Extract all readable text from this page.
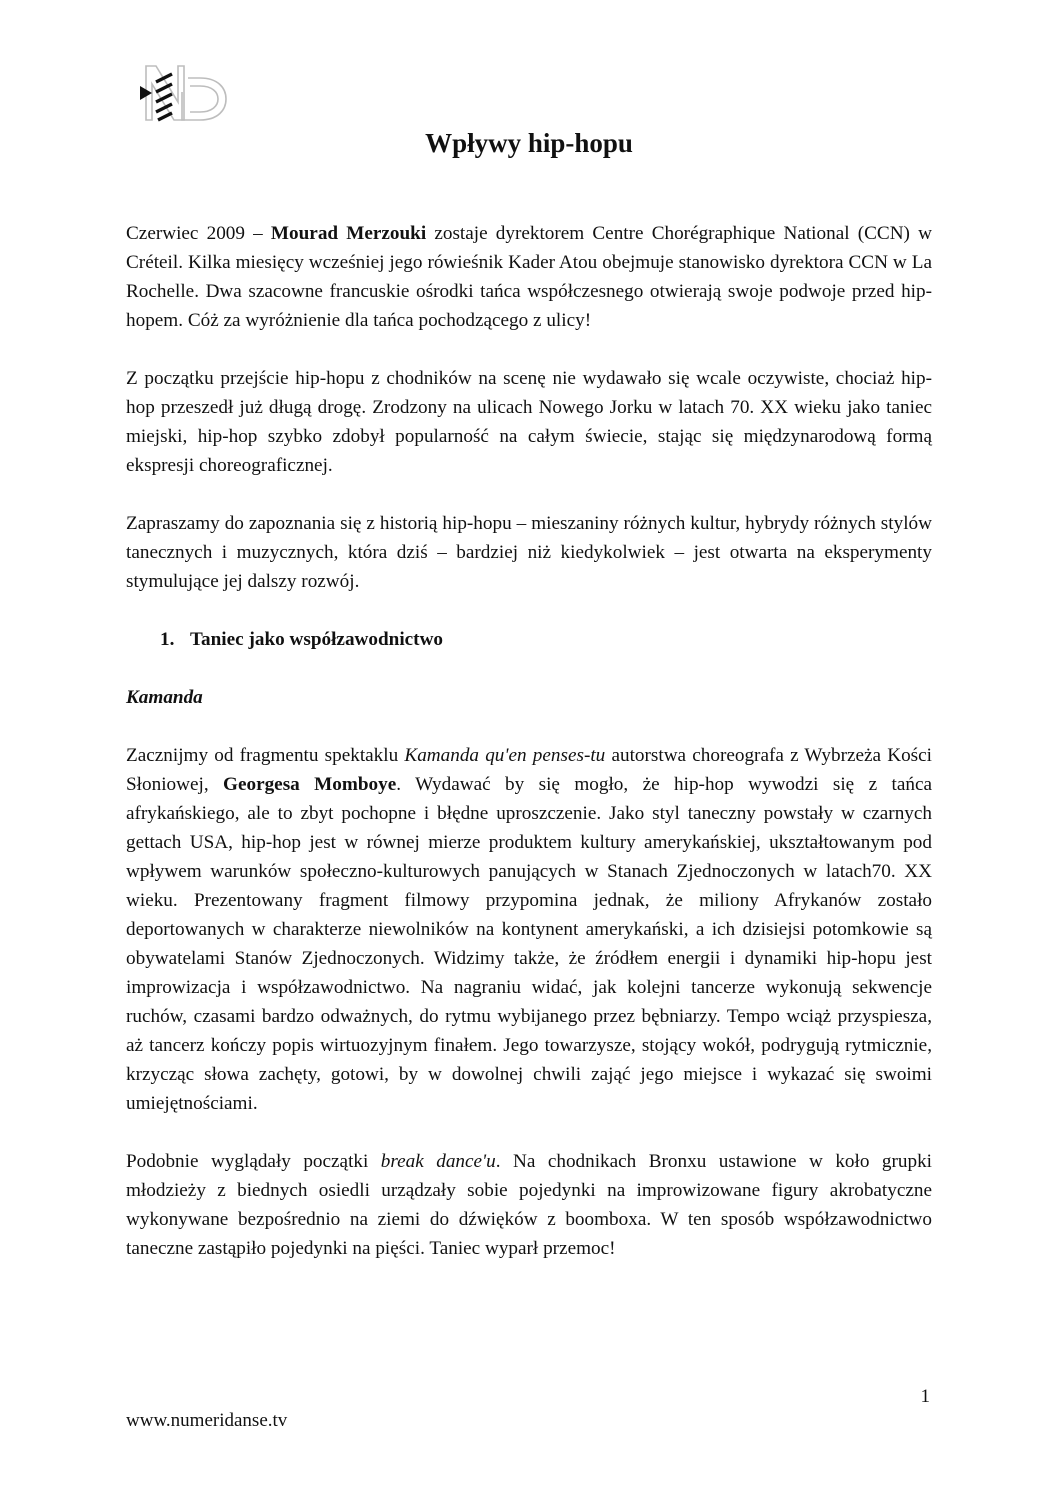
Wpływy hip-hopu

Czerwiec 2009 – Mourad Merzouki zostaje dyrektorem Centre Chorégraphique National (CCN) w Créteil. Kilka miesięcy wcześniej jego rówieśnik Kader Atou obejmuje stanowisko dyrektora CCN w La Rochelle. Dwa szacowne francuskie ośrodki tańca współczesnego otwierają swoje podwoje przed hip-hopem. Cóż za wyróżnienie dla tańca pochodzącego z ulicy!

Z początku przejście hip-hopu z chodników na scenę nie wydawało się wcale oczywiste, chociaż hip-hop przeszedł już długą drogę. Zrodzony na ulicach Nowego Jorku w latach 70. XX wieku jako taniec miejski, hip-hop szybko zdobył popularność na całym świecie, stając się międzynarodową formą ekspresji choreograficznej.

Zapraszamy do zapoznania się z historią hip-hopu – mieszaniny różnych kultur, hybrydy różnych stylów tanecznych i muzycznych, która dziś – bardziej niż kiedykolwiek – jest otwarta na eksperymenty stymulujące jej dalszy rozwój.

1. Taniec jako współzawodnictwo
Kamanda

Zacznijmy od fragmentu spektaklu Kamanda qu'en penses-tu autorstwa choreografa z Wybrzeża Kości Słoniowej, Georgesa Momboye. Wydawać by się mogło, że hip-hop wywodzi się z tańca afrykańskiego, ale to zbyt pochopne i błędne uproszczenie. Jako styl taneczny powstały w czarnych gettach USA, hip-hop jest w równej mierze produktem kultury amerykańskiej, ukształtowanym pod wpływem warunków społeczno-kulturowych panujących w Stanach Zjednoczonych w latach70. XX wieku. Prezentowany fragment filmowy przypomina jednak, że miliony Afrykanów zostało deportowanych w charakterze niewolników na kontynent amerykański, a ich dzisiejsi potomkowie są obywatelami Stanów Zjednoczonych. Widzimy także, że źródłem energii i dynamiki hip-hopu jest improwizacja i współzawodnictwo. Na nagraniu widać, jak kolejni tancerze wykonują sekwencje ruchów, czasami bardzo odważnych, do rytmu wybijanego przez bębniarzy. Tempo wciąż przyspiesza, aż tancerz kończy popis wirtuozyjnym finałem. Jego towarzysze, stojący wokół, podrygują rytmicznie, krzycząc słowa zachęty, gotowi, by w dowolnej chwili zająć jego miejsce i wykazać się swoimi umiejętnościami.

Podobnie wyglądały początki break dance'u. Na chodnikach Bronxu ustawione w koło grupki młodzieży z biednych osiedli urządzały sobie pojedynki na improwizowane figury akrobatyczne wykonywane bezpośrednio na ziemi do dźwięków z boomboxa. W ten sposób współzawodnictwo taneczne zastąpiło pojedynki na pięści. Taniec wyparł przemoc!

1
www.numeridanse.tv
